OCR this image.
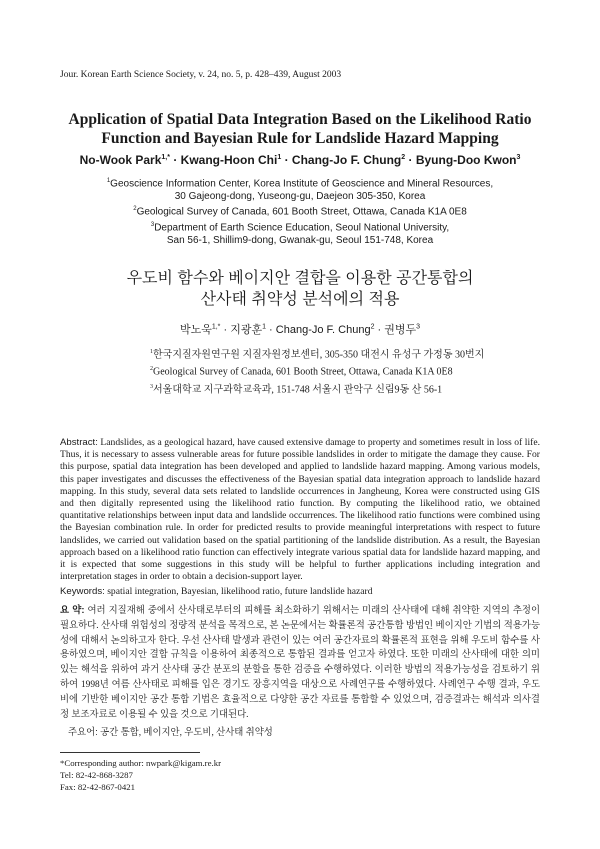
Jour. Korean Earth Science Society, v. 24, no. 5, p. 428–439, August 2003
Application of Spatial Data Integration Based on the Likelihood Ratio
Function and Bayesian Rule for Landslide Hazard Mapping
No-Wook Park$^{1,*}$ · Kwang-Hoon Chi$^1$ · Chang-Jo F. Chung$^2$ · Byung-Doo Kwon$^3$
$^1$Geoscience Information Center, Korea Institute of Geoscience and Mineral Resources,
30 Gajeong-dong, Yuseong-gu, Daejeon 305-350, Korea
$^2$Geological Survey of Canada, 601 Booth Street, Ottawa, Canada K1A 0E8
$^3$Department of Earth Science Education, Seoul National University,
San 56-1, Shillim9-dong, Gwanak-gu, Seoul 151-748, Korea
우도비 함수와 베이지안 결합을 이용한 공간통합의
산사태 취약성 분석에의 적용
박노욱$^{1,*}$ · 지광훈$^1$ · Chang-Jo F. Chung$^2$ · 권병두$^3$
$^1$한국지질자원연구원 지질자원정보센터, 305-350 대전시 유성구 가정동 30번지
$^2$Geological Survey of Canada, 601 Booth Street, Ottawa, Canada K1A 0E8
$^3$서울대학교 지구과학교육과, 151-748 서울시 관악구 신림9동 산 56-1
Abstract: Landslides, as a geological hazard, have caused extensive damage to property and sometimes result in loss of life. Thus, it is necessary to assess vulnerable areas for future possible landslides in order to mitigate the damage they cause. For this purpose, spatial data integration has been developed and applied to landslide hazard mapping. Among various models, this paper investigates and discusses the effectiveness of the Bayesian spatial data integration approach to landslide hazard mapping. In this study, several data sets related to landslide occurrences in Jangheung, Korea were constructed using GIS and then digitally represented using the likelihood ratio function. By computing the likelihood ratio, we obtained quantitative relationships between input data and landslide occurrences. The likelihood ratio functions were combined using the Bayesian combination rule. In order for predicted results to provide meaningful interpretations with respect to future landslides, we carried out validation based on the spatial partitioning of the landslide distribution. As a result, the Bayesian approach based on a likelihood ratio function can effectively integrate various spatial data for landslide hazard mapping, and it is expected that some suggestions in this study will be helpful to further applications including integration and interpretation stages in order to obtain a decision-support layer.
Keywords: spatial integration, Bayesian, likelihood ratio, future landslide hazard
요 약: 여러 지질재해 중에서 산사태로부터의 피해를 최소화하기 위해서는 미래의 산사태에 대해 취약한 지역의 추정이 필요하다. 산사태 위험성의 정량적 분석을 목적으로, 본 논문에서는 확률론적 공간통합 방법인 베이지안 기법의 적용가능성에 대해서 논의하고자 한다. 우선 산사태 발생과 관련이 있는 여러 공간자료의 확률론적 표현을 위해 우도비 함수를 사용하였으며, 베이지안 결합 규칙을 이용하여 최종적으로 통합된 결과를 얻고자 하였다. 또한 미래의 산사태에 대한 의미있는 해석을 위하여 과거 산사태 공간 분포의 분할을 통한 검증을 수행하였다. 이러한 방법의 적용가능성을 검토하기 위하여 1998년 여름 산사태로 피해를 입은 경기도 장흥지역을 대상으로 사례연구를 수행하였다. 사례연구 수행 결과, 우도비에 기반한 베이지안 공간 통합 기법은 효율적으로 다양한 공간 자료를 통합할 수 있었으며, 검증결과는 해석과 의사결정 보조자료로 이용될 수 있을 것으로 기대된다.
주요어: 공간 통합, 베이지안, 우도비, 산사태 취약성
*Corresponding author: nwpark@kigam.re.kr
Tel: 82-42-868-3287
Fax: 82-42-867-0421
